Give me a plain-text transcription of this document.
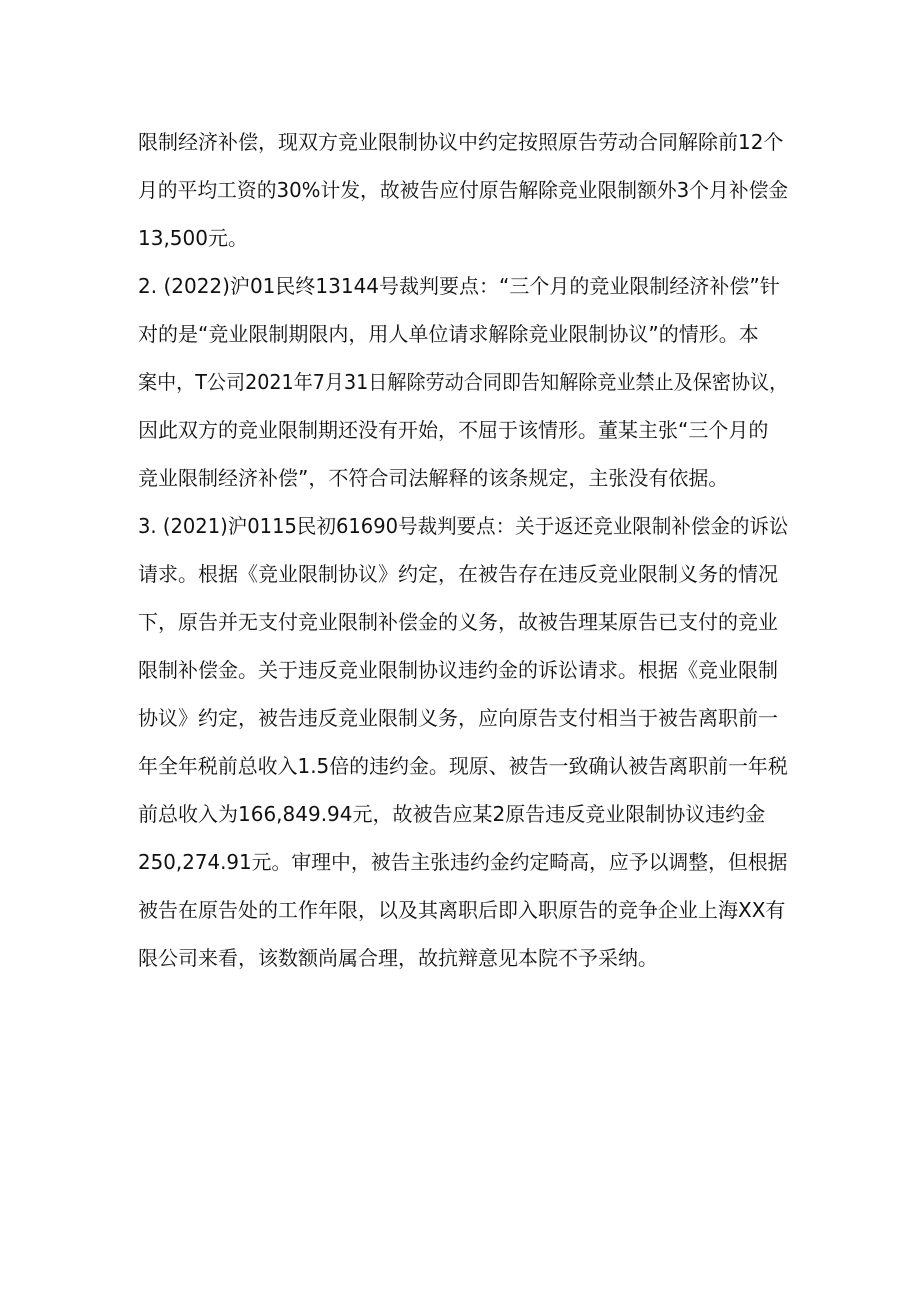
限制经济补偿，现双方竞业限制协议中约定按照原告劳动合同解除前12个
月的平均工资的30%计发，故被告应付原告解除竞业限制额外3个月补偿金
13,500元。
2. (2022)沪01民终13144号裁判要点：“三个月的竞业限制经济补偿”针
对的是“竞业限制期限内，用人单位请求解除竞业限制协议”的情形。本
案中，T公司2021年7月31日解除劳动合同即告知解除竞业禁止及保密协议，
因此双方的竞业限制期还没有开始，不屈于该情形。董某主张“三个月的
竞业限制经济补偿”，不符合司法解释的该条规定，主张没有依据。
3. (2021)沪0115民初61690号裁判要点：关于返还竞业限制补偿金的诉讼
请求。根据《竞业限制协议》约定，在被告存在违反竞业限制义务的情况
下，原告并无支付竞业限制补偿金的义务，故被告理某原告已支付的竞业
限制补偿金。关于违反竞业限制协议违约金的诉讼请求。根据《竞业限制
协议》约定，被告违反竞业限制义务，应向原告支付相当于被告离职前一
年全年税前总收入1.5倍的违约金。现原、被告一致确认被告离职前一年税
前总收入为166,849.94元，故被告应某2原告违反竞业限制协议违约金
250,274.91元。审理中，被告主张违约金约定畸高，应予以调整，但根据
被告在原告处的工作年限，以及其离职后即入职原告的竞争企业上海XX有
限公司来看，该数额尚属合理，故抗辩意见本院不予采纳。
